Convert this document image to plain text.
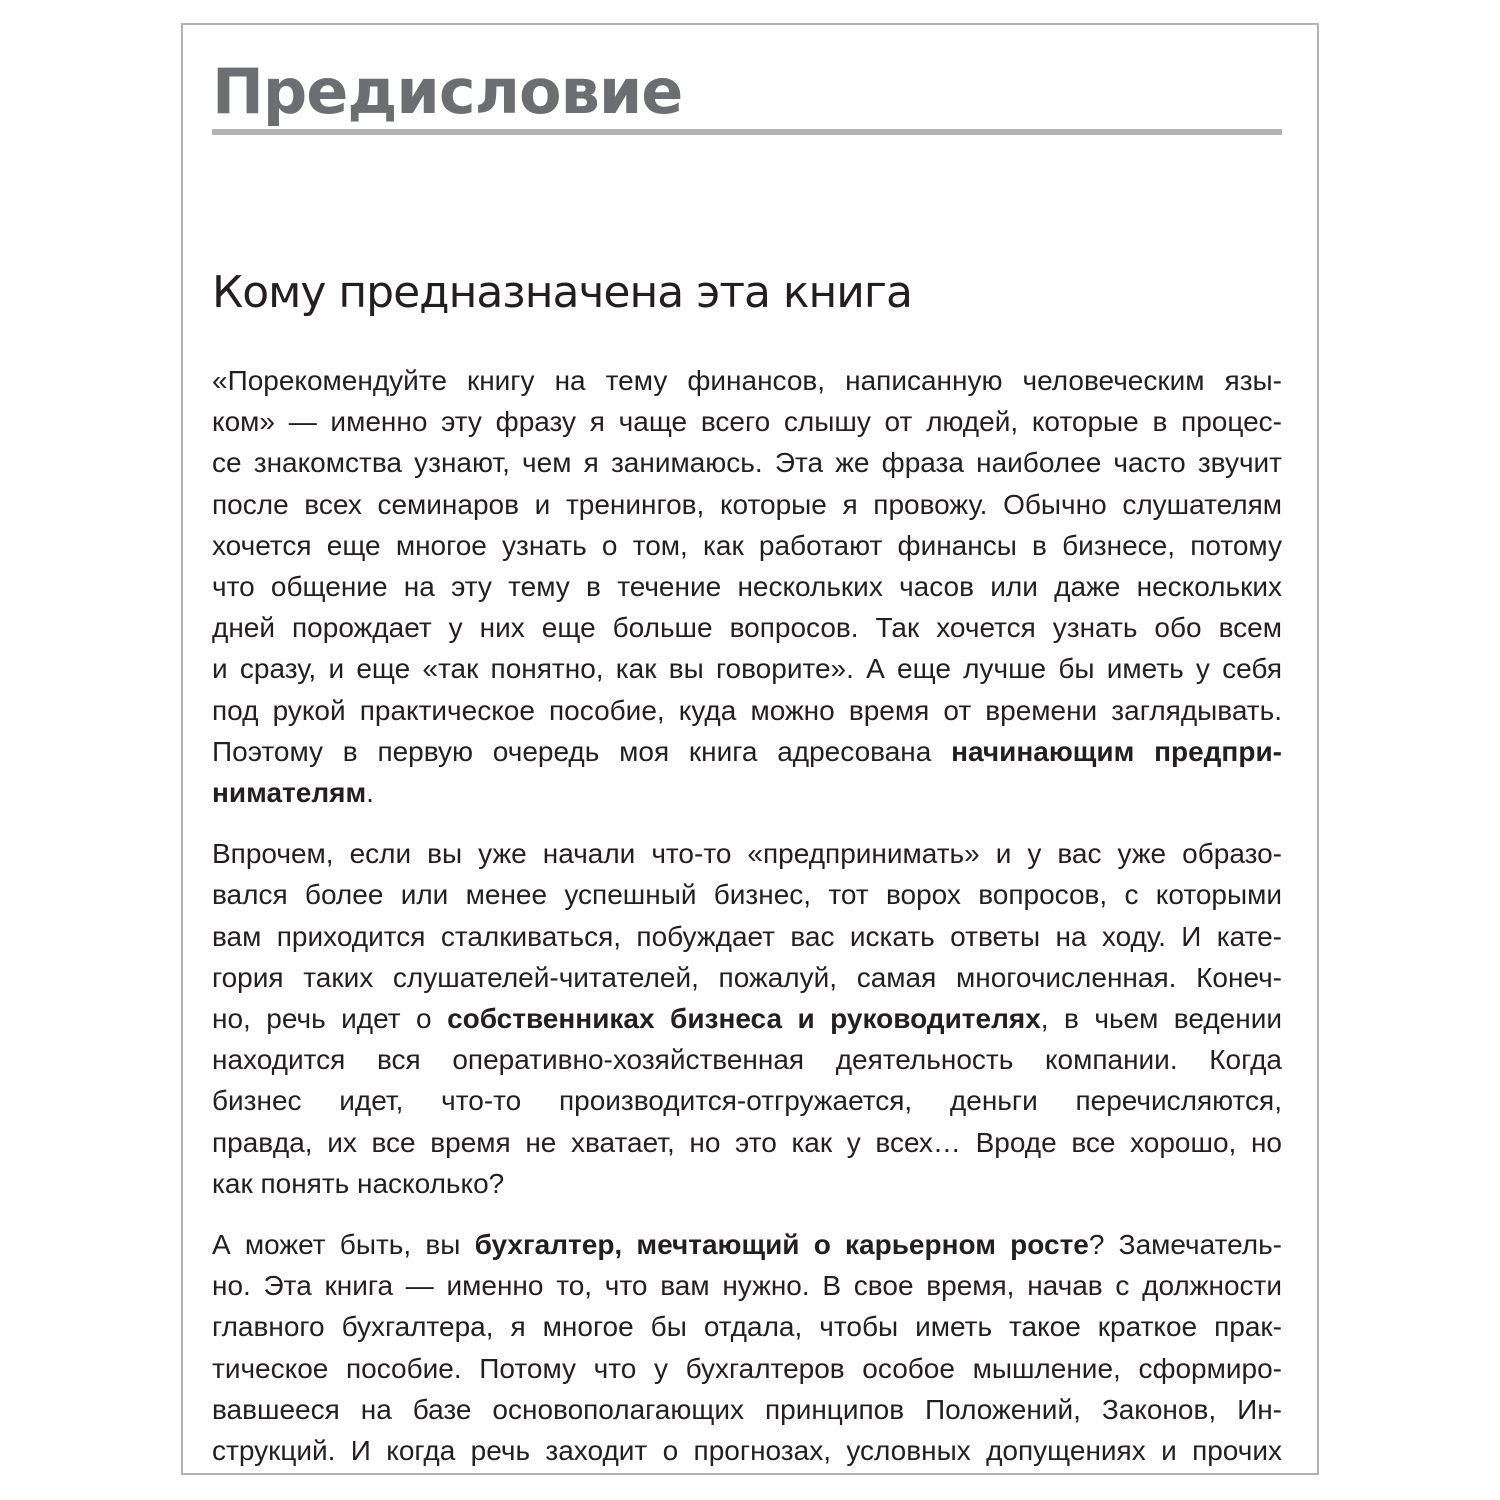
Предисловие
Кому предназначена эта книга

«Порекомендуйте книгу на тему финансов, написанную человеческим язы-
ком» — именно эту фразу я чаще всего слышу от людей, которые в процес-
се знакомства узнают, чем я занимаюсь. Эта же фраза наиболее часто звучит
после всех семинаров и тренингов, которые я провожу. Обычно слушателям
хочется еще многое узнать о том, как работают финансы в бизнесе, потому
что общение на эту тему в течение нескольких часов или даже нескольких
дней порождает у них еще больше вопросов. Так хочется узнать обо всем
и сразу, и еще «так понятно, как вы говорите». А еще лучше бы иметь у себя
под рукой практическое пособие, куда можно время от времени заглядывать.
Поэтому в первую очередь моя книга адресована начинающим предпри-
нимателям.

Впрочем, если вы уже начали что-то «предпринимать» и у вас уже образо-
вался более или менее успешный бизнес, тот ворох вопросов, с которыми
вам приходится сталкиваться, побуждает вас искать ответы на ходу. И кате-
гория таких слушателей-читателей, пожалуй, самая многочисленная. Конеч-
но, речь идет о собственниках бизнеса и руководителях, в чьем ведении
находится вся оперативно-хозяйственная деятельность компании. Когда
бизнес идет, что-то производится-отгружается, деньги перечисляются,
правда, их все время не хватает, но это как у всех… Вроде все хорошо, но
как понять насколько?

А может быть, вы бухгалтер, мечтающий о карьерном росте? Замечатель-
но. Эта книга — именно то, что вам нужно. В свое время, начав с должности
главного бухгалтера, я многое бы отдала, чтобы иметь такое краткое прак-
тическое пособие. Потому что у бухгалтеров особое мышление, сформиро-
вавшееся на базе основополагающих принципов Положений, Законов, Ин-
струкций. И когда речь заходит о прогнозах, условных допущениях и прочих
